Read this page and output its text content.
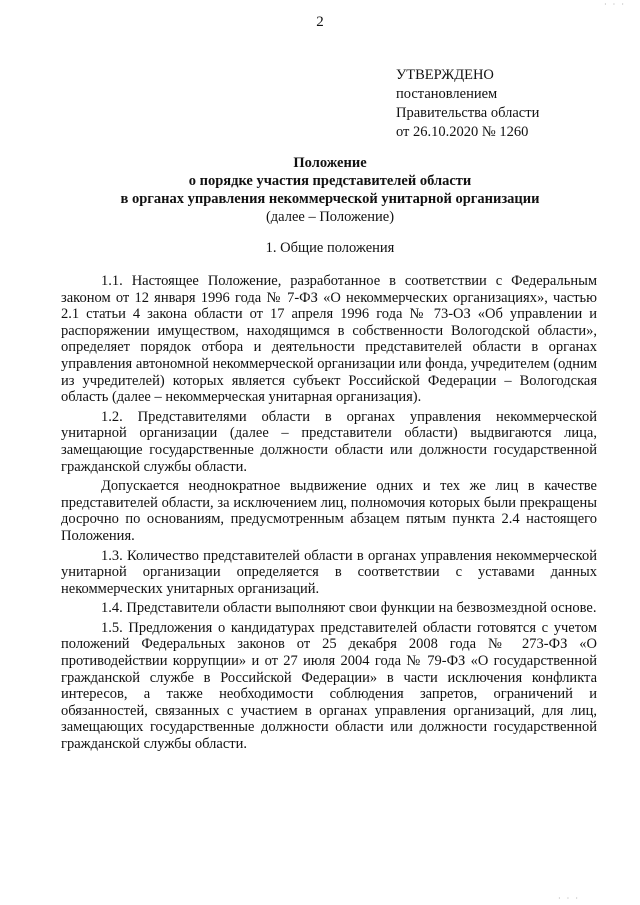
· · ·
2
УТВЕРЖДЕНО
постановлением
Правительства области
от 26.10.2020 № 1260
Положение
о порядке участия представителей области
в органах управления некоммерческой унитарной организации
(далее – Положение)
1. Общие положения

1.1. Настоящее Положение, разработанное в соответствии с Федеральным законом от 12 января 1996 года № 7-ФЗ «О некоммерческих организациях», частью 2.1 статьи 4 закона области от 17 апреля 1996 года № 73-ОЗ «Об управлении и распоряжении имуществом, находящимся в собственности Вологодской области», определяет порядок отбора и деятельности представителей области в органах управления автономной некоммерческой организации или фонда, учредителем (одним из учредителей) которых является субъект Российской Федерации – Вологодская область (далее – некоммерческая унитарная организация).

1.2. Представителями области в органах управления некоммерческой унитарной организации (далее – представители области) выдвигаются лица, замещающие государственные должности области или должности государственной гражданской службы области.

Допускается неоднократное выдвижение одних и тех же лиц в качестве представителей области, за исключением лиц, полномочия которых были прекращены досрочно по основаниям, предусмотренным абзацем пятым пункта 2.4 настоящего Положения.

1.3. Количество представителей области в органах управления некоммерческой унитарной организации определяется в соответствии с уставами данных некоммерческих унитарных организаций.

1.4. Представители области выполняют свои функции на безвозмездной основе.

1.5. Предложения о кандидатурах представителей области готовятся с учетом положений Федеральных законов от 25 декабря 2008 года № 273-ФЗ «О противодействии коррупции» и от 27 июля 2004 года № 79-ФЗ «О государственной гражданской службе в Российской Федерации» в части исключения конфликта интересов, а также необходимости соблюдения запретов, ограничений и обязанностей, связанных с участием в органах управления организаций, для лиц, замещающих государственные должности области или должности государственной гражданской службы области.

· · ·
